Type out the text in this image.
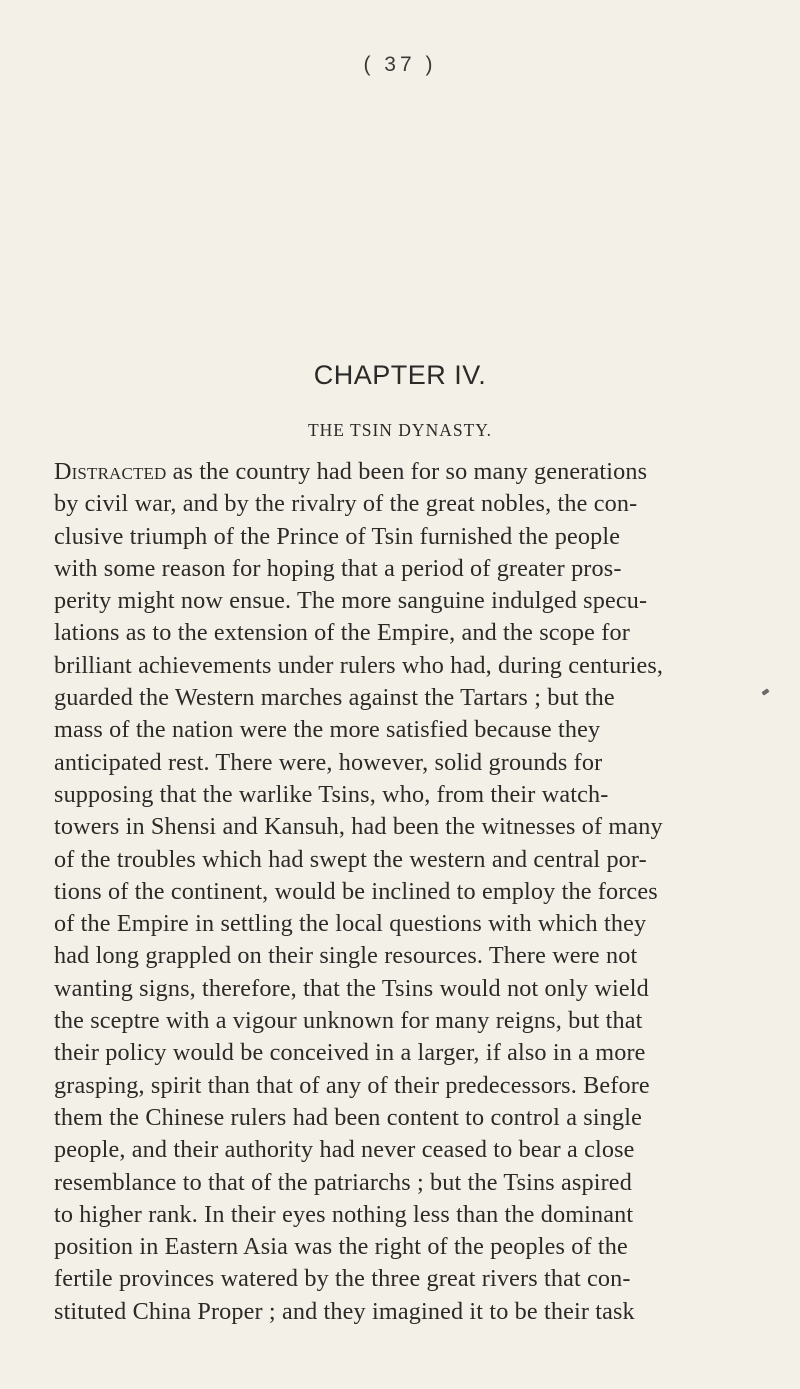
( 37 )
CHAPTER IV.
THE TSIN DYNASTY.
Distracted as the country had been for so many generations
by civil war, and by the rivalry of the great nobles, the con-
clusive triumph of the Prince of Tsin furnished the people
with some reason for hoping that a period of greater pros-
perity might now ensue. The more sanguine indulged specu-
lations as to the extension of the Empire, and the scope for
brilliant achievements under rulers who had, during centuries,
guarded the Western marches against the Tartars ; but the
mass of the nation were the more satisfied because they
anticipated rest. There were, however, solid grounds for
supposing that the warlike Tsins, who, from their watch-
towers in Shensi and Kansuh, had been the witnesses of many
of the troubles which had swept the western and central por-
tions of the continent, would be inclined to employ the forces
of the Empire in settling the local questions with which they
had long grappled on their single resources. There were not
wanting signs, therefore, that the Tsins would not only wield
the sceptre with a vigour unknown for many reigns, but that
their policy would be conceived in a larger, if also in a more
grasping, spirit than that of any of their predecessors. Before
them the Chinese rulers had been content to control a single
people, and their authority had never ceased to bear a close
resemblance to that of the patriarchs ; but the Tsins aspired
to higher rank. In their eyes nothing less than the dominant
position in Eastern Asia was the right of the peoples of the
fertile provinces watered by the three great rivers that con-
stituted China Proper ; and they imagined it to be their task
